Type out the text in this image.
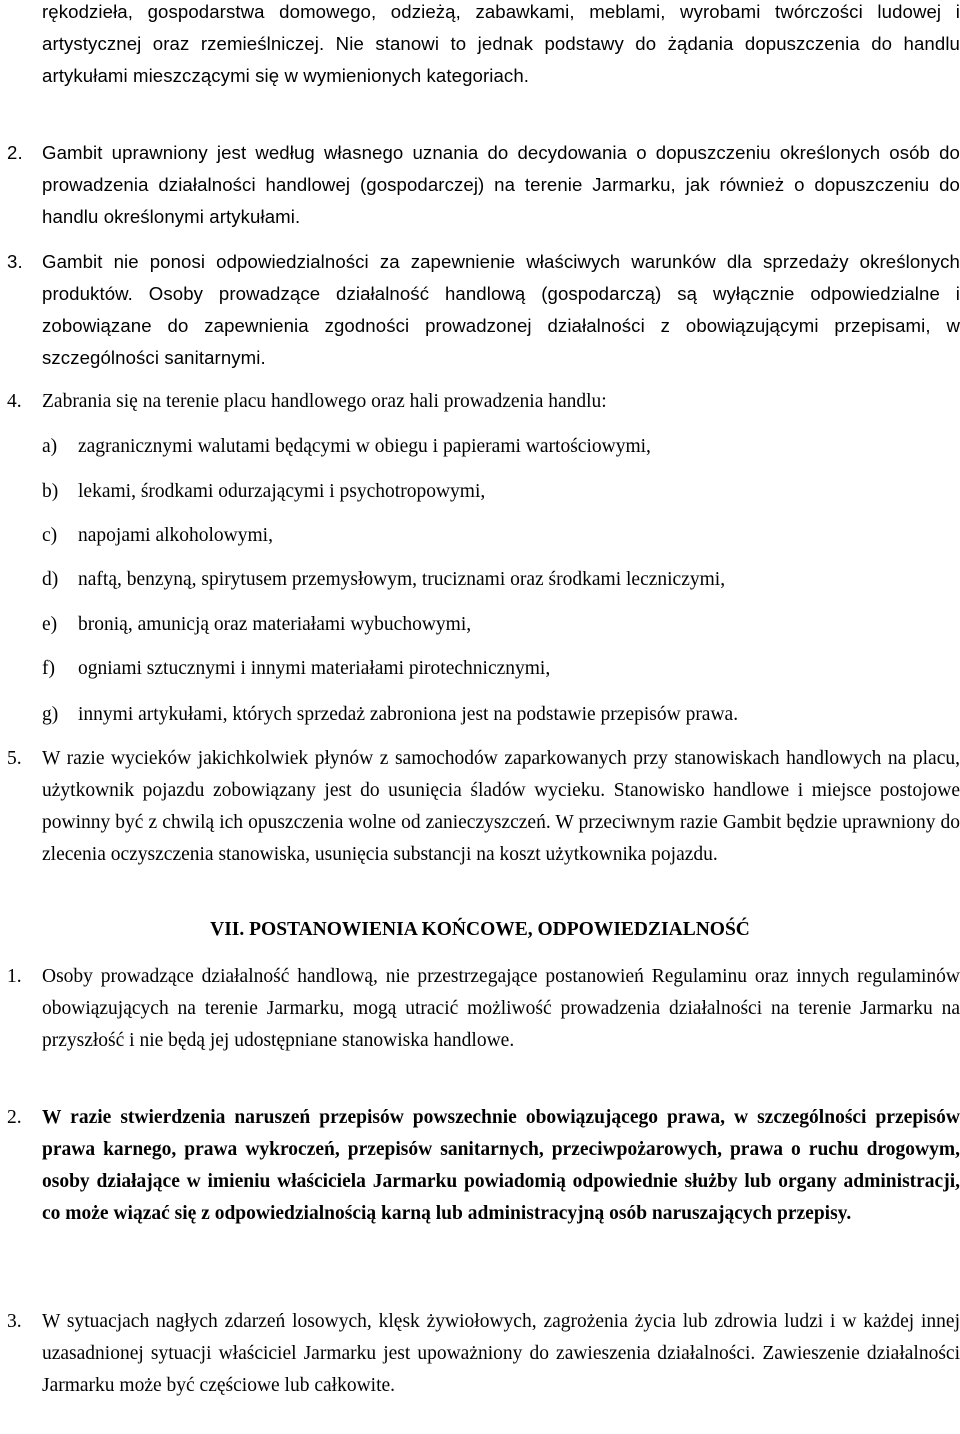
rękodzieła, gospodarstwa domowego, odzieżą, zabawkami, meblami, wyrobami twórczości ludowej i artystycznej oraz rzemieślniczej. Nie stanowi to jednak podstawy do żądania dopuszczenia do handlu artykułami mieszczącymi się w wymienionych kategoriach.

2. Gambit uprawniony jest według własnego uznania do decydowania o dopuszczeniu określonych osób do prowadzenia działalności handlowej (gospodarczej) na terenie Jarmarku, jak również o dopuszczeniu do handlu określonymi artykułami.
3. Gambit nie ponosi odpowiedzialności za zapewnienie właściwych warunków dla sprzedaży określonych produktów. Osoby prowadzące działalność handlową (gospodarczą) są wyłącznie odpowiedzialne i zobowiązane do zapewnienia zgodności prowadzonej działalności z obowiązującymi przepisami, w szczególności sanitarnymi.
4. Zabrania się na terenie placu handlowego oraz hali prowadzenia handlu:
a) zagranicznymi walutami będącymi w obiegu i papierami wartościowymi,
b) lekami, środkami odurzającymi i psychotropowymi,
c) napojami alkoholowymi,
d) naftą, benzyną, spirytusem przemysłowym, truciznami oraz środkami leczniczymi,
e) bronią, amunicją oraz materiałami wybuchowymi,
f) ogniami sztucznymi i innymi materiałami pirotechnicznymi,
g) innymi artykułami, których sprzedaż zabroniona jest na podstawie przepisów prawa.
5. W razie wycieków jakichkolwiek płynów z samochodów zaparkowanych przy stanowiskach handlowych na placu, użytkownik pojazdu zobowiązany jest do usunięcia śladów wycieku. Stanowisko handlowe i miejsce postojowe powinny być z chwilą ich opuszczenia wolne od zanieczyszczeń. W przeciwnym razie Gambit będzie uprawniony do zlecenia oczyszczenia stanowiska, usunięcia substancji na koszt użytkownika pojazdu.
VII. POSTANOWIENIA KOŃCOWE, ODPOWIEDZIALNOŚĆ
1. Osoby prowadzące działalność handlową, nie przestrzegające postanowień Regulaminu oraz innych regulaminów obowiązujących na terenie Jarmarku, mogą utracić możliwość prowadzenia działalności na terenie Jarmarku na przyszłość i nie będą jej udostępniane stanowiska handlowe.
2. W razie stwierdzenia naruszeń przepisów powszechnie obowiązującego prawa, w szczególności przepisów prawa karnego, prawa wykroczeń, przepisów sanitarnych, przeciwpożarowych, prawa o ruchu drogowym, osoby działające w imieniu właściciela Jarmarku powiadomią odpowiednie służby lub organy administracji, co może wiązać się z odpowiedzialnością karną lub administracyjną osób naruszających przepisy.
3. W sytuacjach nagłych zdarzeń losowych, klęsk żywiołowych, zagrożenia życia lub zdrowia ludzi i w każdej innej uzasadnionej sytuacji właściciel Jarmarku jest upoważniony do zawieszenia działalności. Zawieszenie działalności Jarmarku może być częściowe lub całkowite.
